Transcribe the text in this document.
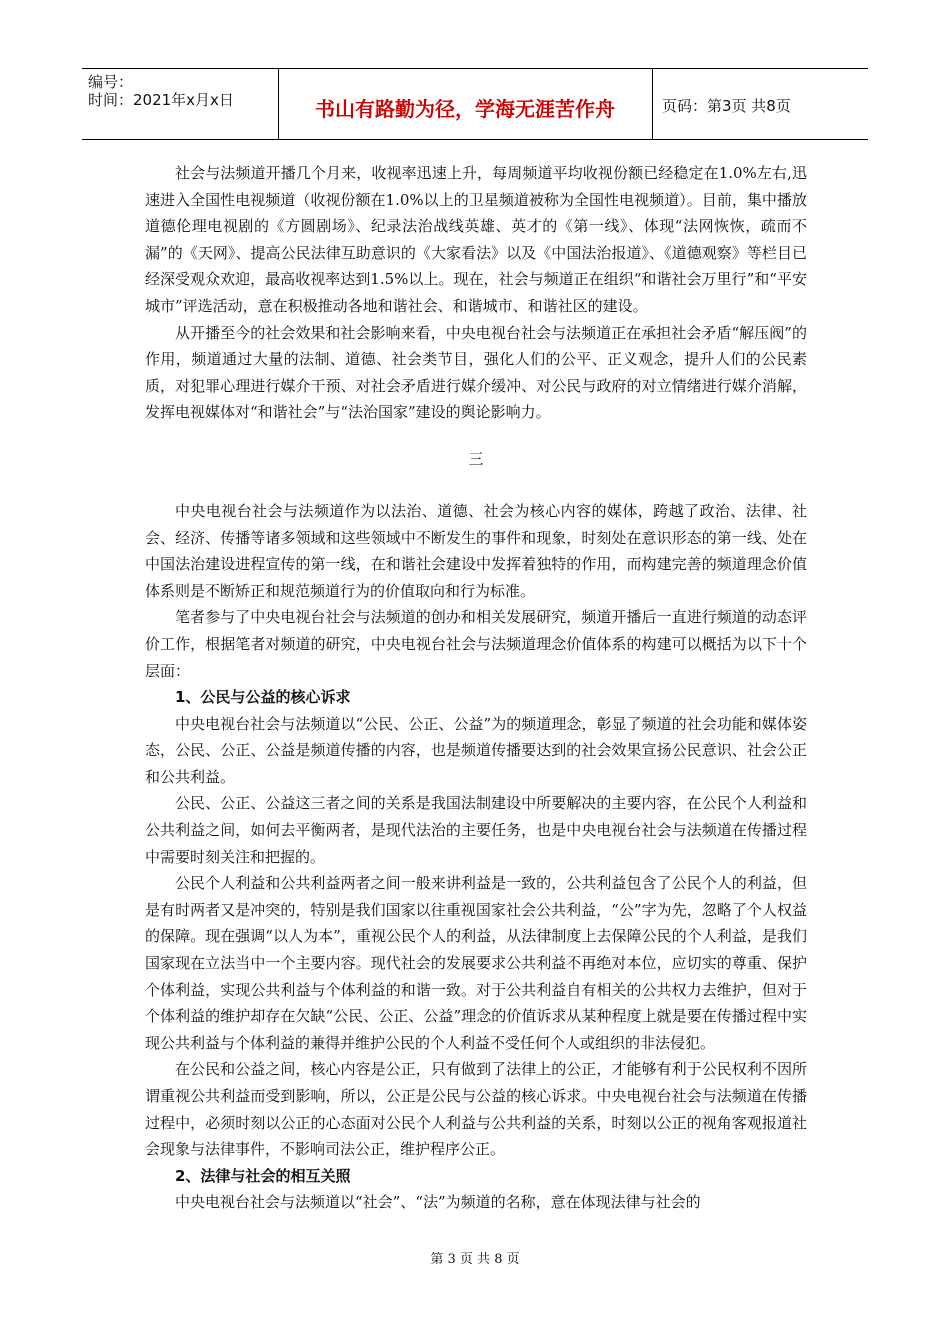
编号：
时间：2021年x月x日	书山有路勤为径，学海无涯苦作舟	页码：第3页 共8页

社会与法频道开播几个月来，收视率迅速上升，每周频道平均收视份额已经稳定在1.0%左右,迅速进入全国性电视频道（收视份额在1.0%以上的卫星频道被称为全国性电视频道）。目前，集中播放道德伦理电视剧的《方圆剧场》、纪录法治战线英雄、英才的《第一线》、体现“法网恢恢，疏而不漏”的《天网》、提高公民法律互助意识的《大家看法》以及《中国法治报道》、《道德观察》等栏目已经深受观众欢迎，最高收视率达到1.5%以上。现在，社会与频道正在组织“和谐社会万里行”和“平安城市”评选活动，意在积极推动各地和谐社会、和谐城市、和谐社区的建设。

从开播至今的社会效果和社会影响来看，中央电视台社会与法频道正在承担社会矛盾“解压阀”的作用，频道通过大量的法制、道德、社会类节目，强化人们的公平、正义观念，提升人们的公民素质，对犯罪心理进行媒介干预、对社会矛盾进行媒介缓冲、对公民与政府的对立情绪进行媒介消解，发挥电视媒体对“和谐社会”与“法治国家”建设的舆论影响力。

三

中央电视台社会与法频道作为以法治、道德、社会为核心内容的媒体，跨越了政治、法律、社会、经济、传播等诸多领域和这些领域中不断发生的事件和现象，时刻处在意识形态的第一线、处在中国法治建设进程宣传的第一线，在和谐社会建设中发挥着独特的作用，而构建完善的频道理念价值体系则是不断矫正和规范频道行为的价值取向和行为标准。

笔者参与了中央电视台社会与法频道的创办和相关发展研究，频道开播后一直进行频道的动态评价工作，根据笔者对频道的研究，中央电视台社会与法频道理念价值体系的构建可以概括为以下十个层面：

1、公民与公益的核心诉求

中央电视台社会与法频道以“公民、公正、公益”为的频道理念，彰显了频道的社会功能和媒体姿态，公民、公正、公益是频道传播的内容，也是频道传播要达到的社会效果宣扬公民意识、社会公正和公共利益。

公民、公正、公益这三者之间的关系是我国法制建设中所要解决的主要内容，在公民个人利益和公共利益之间，如何去平衡两者，是现代法治的主要任务，也是中央电视台社会与法频道在传播过程中需要时刻关注和把握的。

公民个人利益和公共利益两者之间一般来讲利益是一致的，公共利益包含了公民个人的利益，但是有时两者又是冲突的，特别是我们国家以往重视国家社会公共利益，“公”字为先，忽略了个人权益的保障。现在强调“以人为本”，重视公民个人的利益，从法律制度上去保障公民的个人利益，是我们国家现在立法当中一个主要内容。现代社会的发展要求公共利益不再绝对本位，应切实的尊重、保护个体利益，实现公共利益与个体利益的和谐一致。对于公共利益自有相关的公共权力去维护，但对于个体利益的维护却存在欠缺“公民、公正、公益”理念的价值诉求从某种程度上就是要在传播过程中实现公共利益与个体利益的兼得并维护公民的个人利益不受任何个人或组织的非法侵犯。

在公民和公益之间，核心内容是公正，只有做到了法律上的公正，才能够有利于公民权利不因所谓重视公共利益而受到影响，所以，公正是公民与公益的核心诉求。中央电视台社会与法频道在传播过程中，必须时刻以公正的心态面对公民个人利益与公共利益的关系，时刻以公正的视角客观报道社会现象与法律事件，不影响司法公正，维护程序公正。

2、法律与社会的相互关照

中央电视台社会与法频道以“社会”、“法”为频道的名称，意在体现法律与社会的

第 3 页 共 8 页
